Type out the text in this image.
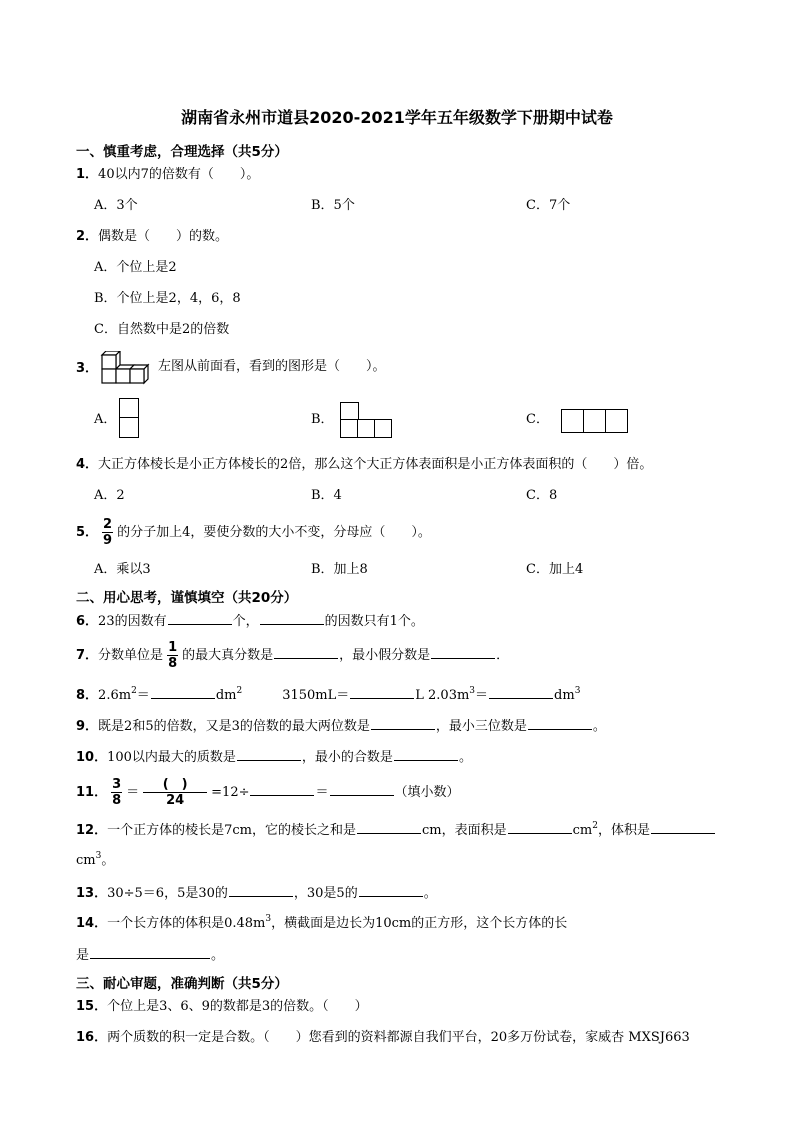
湖南省永州市道县2020-2021学年五年级数学下册期中试卷
一、慎重考虑，合理选择（共5分）
1．40以内7的倍数有（　　）。
A．3个	B．5个	C．7个
2．偶数是（　　）的数。
A．个位上是2
B．个位上是2，4，6，8
C．自然数中是2的倍数
3．	左图从前面看，看到的图形是（　　）。
A．	B．	C．
4．大正方体棱长是小正方体棱长的2倍，那么这个大正方体表面积是小正方体表面积的（　　）倍。
A．2	B．4	C．8
5． $\frac{2}{9}$ 的分子加上4，要使分数的大小不变，分母应（　　）。
A．乘以3	B．加上8	C．加上4
二、用心思考，谨慎填空（共20分）
6．23的因数有	个，	的因数只有1个。
7．分数单位是 $\frac{1}{8}$ 的最大真分数是	，最小假分数是	．
8．$2.6m^2=$	$dm^2$	3150mL＝	L $2.03m^3=$	$dm^3$
9．既是2和5的倍数，又是3的倍数的最大两位数是	，最小三位数是	。
10．100以内最大的质数是	，最小的合数是	。
11． $\frac{3}{8} = \frac{( )}{24} =12\div$	＝	（填小数）
12．一个正方体的棱长是7cm，它的棱长之和是	cm，表面积是	$cm^2$，体积是
$cm^3$。
13．30÷5＝6，5是30的	，30是5的	。
14．一个长方体的体积是$0.48m^3$，横截面是边长为10cm的正方形，这个长方体的长
是	。
三、耐心审题，准确判断（共5分）
15．个位上是3、6、9的数都是3的倍数。（　　）
16．两个质数的积一定是合数。（　　）您看到的资料都源自我们平台，20多万份试卷，家威杏 MXSJ663
